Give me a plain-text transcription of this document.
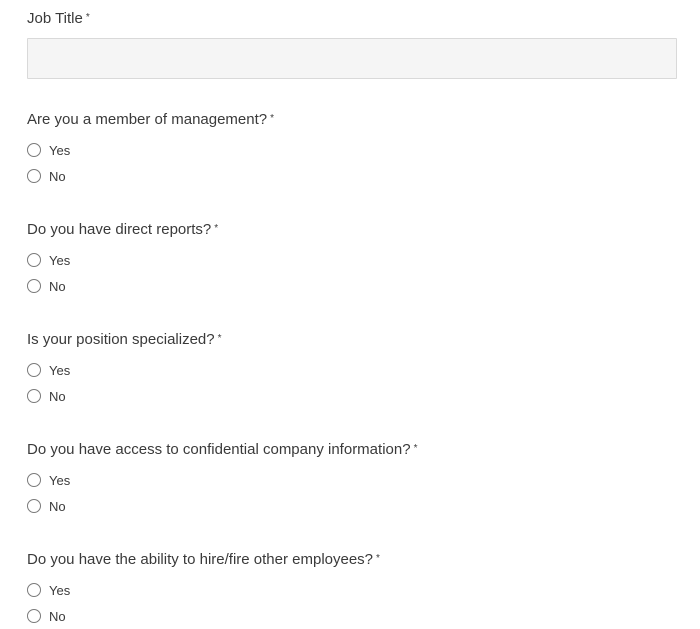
Job Title *
Are you a member of management? *
Yes
No
Do you have direct reports? *
Yes
No
Is your position specialized? *
Yes
No
Do you have access to confidential company information? *
Yes
No
Do you have the ability to hire/fire other employees? *
Yes
No
